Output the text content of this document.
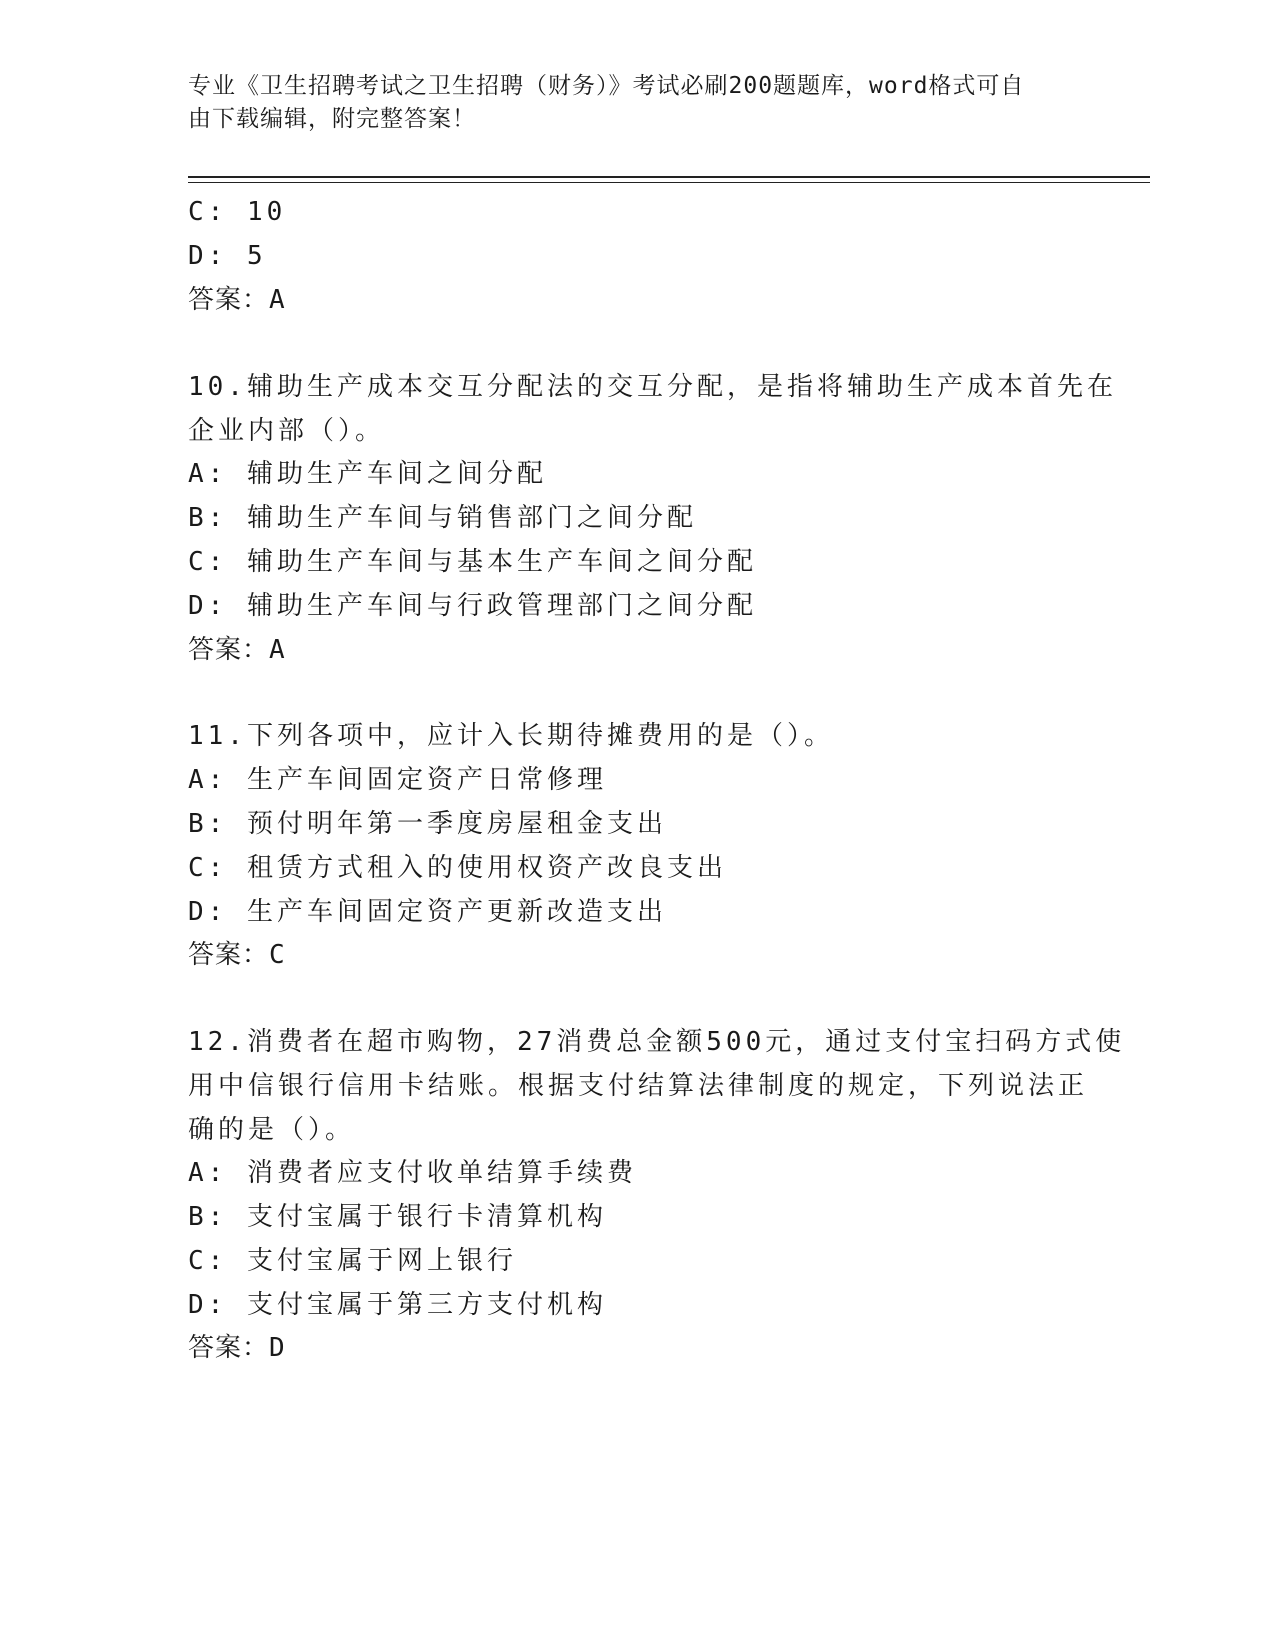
专业《卫生招聘考试之卫生招聘（财务）》考试必刷200题题库，word格式可自
由下载编辑，附完整答案！
C: 10
D: 5
答案：A
10.辅助生产成本交互分配法的交互分配，是指将辅助生产成本首先在
企业内部（）。
A: 辅助生产车间之间分配
B: 辅助生产车间与销售部门之间分配
C: 辅助生产车间与基本生产车间之间分配
D: 辅助生产车间与行政管理部门之间分配
答案：A
11.下列各项中，应计入长期待摊费用的是（）。
A: 生产车间固定资产日常修理
B: 预付明年第一季度房屋租金支出
C: 租赁方式租入的使用权资产改良支出
D: 生产车间固定资产更新改造支出
答案：C
12.消费者在超市购物，27消费总金额500元，通过支付宝扫码方式使
用中信银行信用卡结账。根据支付结算法律制度的规定，下列说法正
确的是（）。
A: 消费者应支付收单结算手续费
B: 支付宝属于银行卡清算机构
C: 支付宝属于网上银行
D: 支付宝属于第三方支付机构
答案：D
